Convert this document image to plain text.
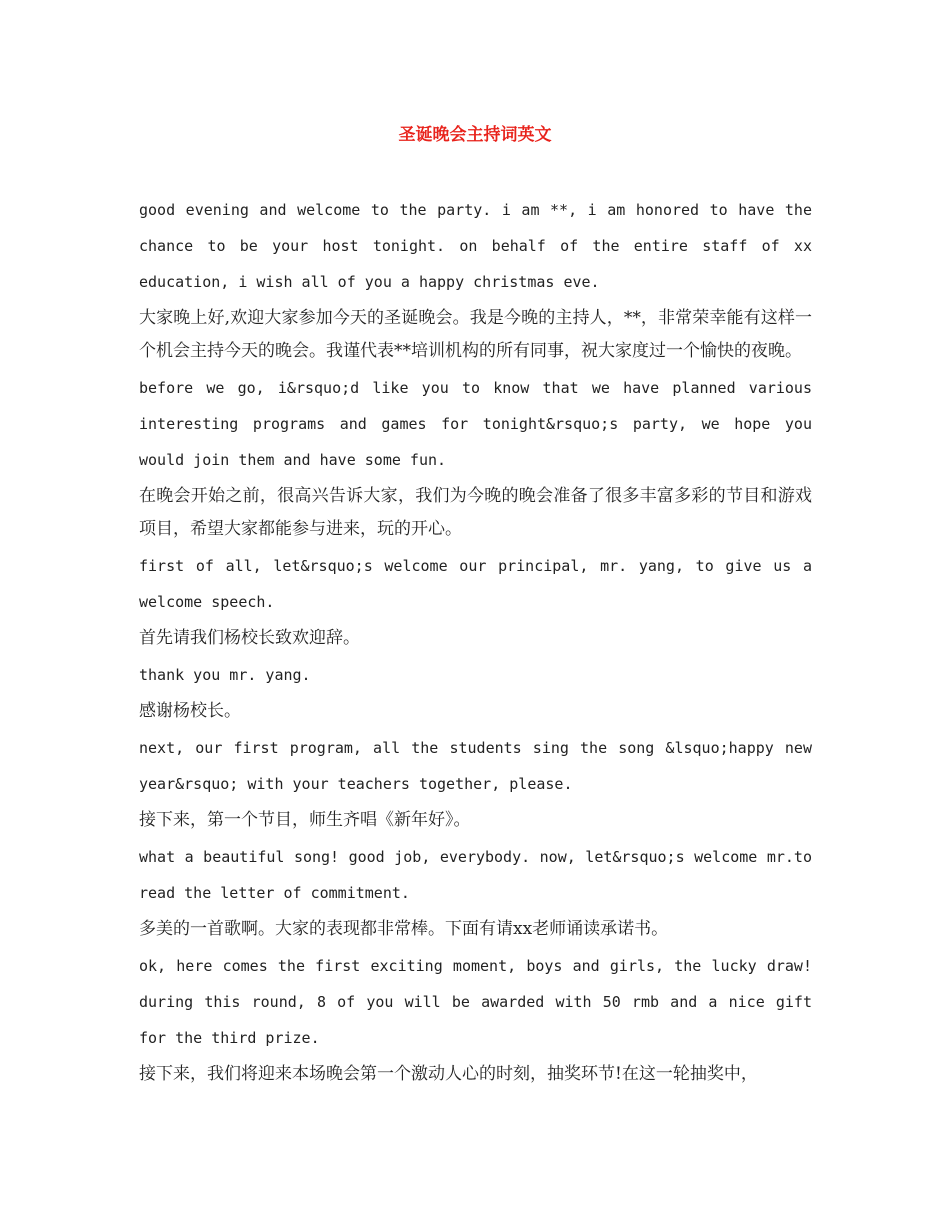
圣诞晚会主持词英文

good evening and welcome to the party. i am **, i am honored to have the chance to be your host tonight. on behalf of the entire staff of xx education, i wish all of you a happy christmas eve.

大家晚上好,欢迎大家参加今天的圣诞晚会。我是今晚的主持人，**，非常荣幸能有这样一个机会主持今天的晚会。我谨代表**培训机构的所有同事，祝大家度过一个愉快的夜晚。

before we go, i&rsquo;d like you to know that we have planned various interesting programs and games for tonight&rsquo;s party, we hope you would join them and have some fun.

在晚会开始之前，很高兴告诉大家，我们为今晚的晚会准备了很多丰富多彩的节目和游戏项目，希望大家都能参与进来，玩的开心。

first of all, let&rsquo;s welcome our principal, mr. yang, to give us a welcome speech.

首先请我们杨校长致欢迎辞。

thank you mr. yang.

感谢杨校长。

next, our first program, all the students sing the song &lsquo;happy new year&rsquo; with your teachers together, please.

接下来，第一个节目，师生齐唱《新年好》。

what a beautiful song! good job, everybody. now, let&rsquo;s welcome mr.to read the letter of commitment.

多美的一首歌啊。大家的表现都非常棒。下面有请xx老师诵读承诺书。

ok, here comes the first exciting moment, boys and girls, the lucky draw! during this round, 8 of you will be awarded with 50 rmb and a nice gift for the third prize.

接下来，我们将迎来本场晚会第一个激动人心的时刻，抽奖环节!在这一轮抽奖中，
